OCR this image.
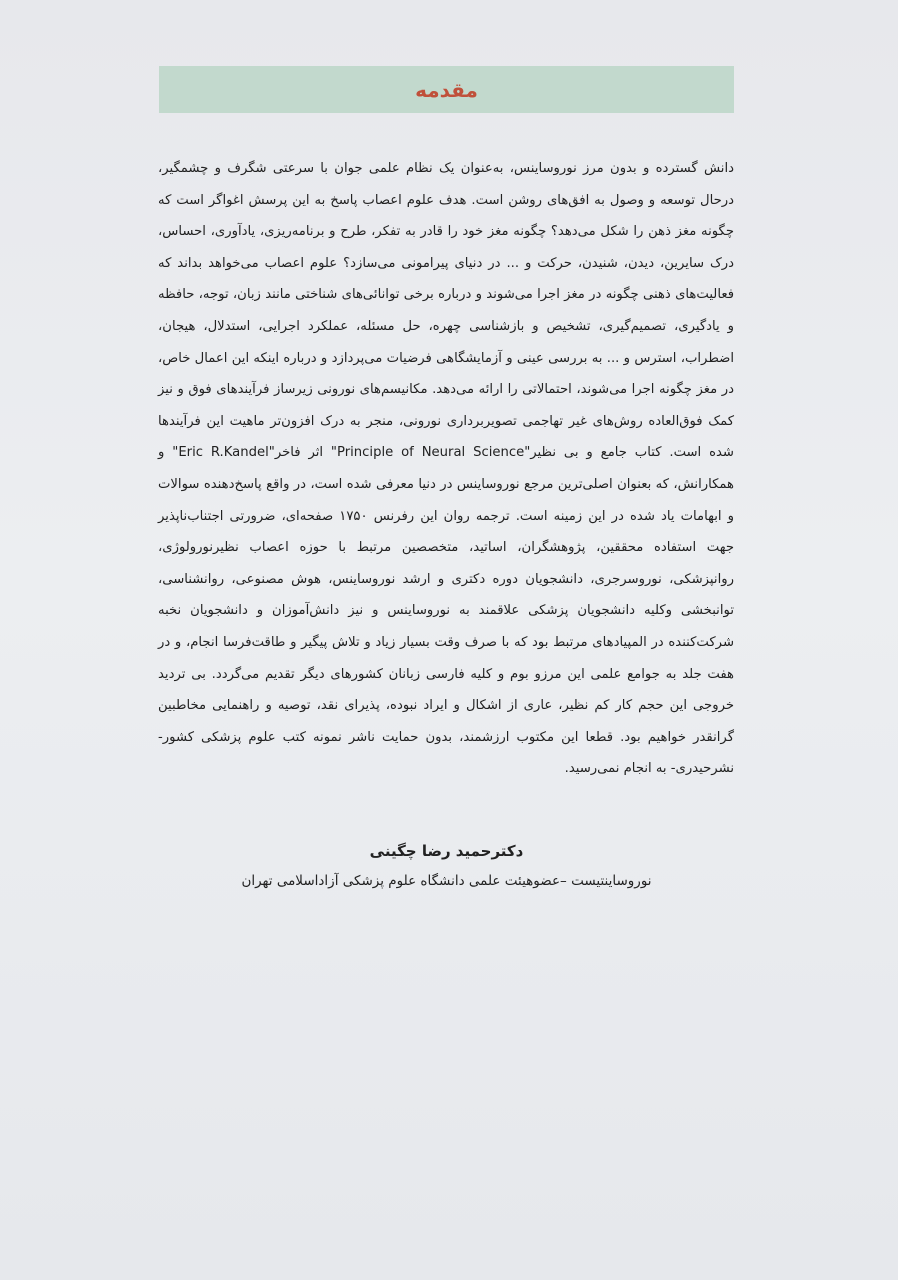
مقدمه
دانش گسترده و بدون مرز نوروساینس، به‌عنوان یک نظام علمی جوان با سرعتی شگرف و چشمگیر، درحال توسعه و وصول به افق‌های روشن است. هدف علوم اعصاب پاسخ به این پرسش اغواگر است که چگونه مغز ذهن را شکل می‌دهد؟ چگونه مغز خود را قادر به تفکر، طرح و برنامه‌ریزی، یادآوری، احساس، درک سایرین، دیدن، شنیدن، حرکت و ... در دنیای پیرامونی می‌سازد؟ علوم اعصاب می‌خواهد بداند که فعالیت‌های ذهنی چگونه در مغز اجرا می‌شوند و درباره برخی توانائی‌های شناختی مانند زبان، توجه، حافظه و یادگیری، تصمیم‌گیری، تشخیص و بازشناسی چهره، حل مسئله، عملکرد اجرایی، استدلال، هیجان، اضطراب، استرس و ... به بررسی عینی و آزمایشگاهی فرضیات می‌پردازد و درباره اینکه این اعمال خاص، در مغز چگونه اجرا می‌شوند، احتمالاتی را ارائه می‌دهد. مکانیسم‌های نورونی زیرساز فرآیندهای فوق و نیز کمک فوق‌العاده روش‌های غیر تهاجمی تصویربرداری نورونی، منجر به درک افزون‌تر ماهیت این فرآیندها شده است. کتاب جامع و بی نظیر"Principle of Neural Science" اثر فاخر"Eric R.Kandel" و همکارانش، که بعنوان اصلی‌ترین مرجع نوروساینس در دنیا معرفی شده است، در واقع پاسخ‌دهنده سوالات و ابهامات یاد شده در این زمینه است. ترجمه روان این رفرنس ۱۷۵۰ صفحه‌ای، ضرورتی اجتناب‌ناپذیر جهت استفاده محققین، پژوهشگران، اساتید، متخصصین مرتبط با حوزه اعصاب نظیرنورولوژی، روانپزشکی، نوروسرجری، دانشجویان دوره دکتری و ارشد نوروساینس، هوش مصنوعی، روانشناسی، توانبخشی وکلیه دانشجویان پزشکی علاقمند به نوروساینس و نیز دانش‌آموزان و دانشجویان نخبه شرکت‌کننده در المپیادهای مرتبط بود که با صرف وقت بسیار زیاد و تلاش پیگیر و طاقت‌فرسا انجام، و در هفت جلد به جوامع علمی این مرزو بوم و کلیه فارسی زبانان کشورهای دیگر تقدیم می‌گردد. بی تردید خروجی این حجم کار کم نظیر، عاری از اشکال و ایراد نبوده، پذیرای نقد، توصیه و راهنمایی مخاطبین گرانقدر خواهیم بود. قطعا این مکتوب ارزشمند، بدون حمایت ناشر نمونه کتب علوم پزشکی کشور- نشرحیدری- به انجام نمی‌رسید.
دکترحمید رضا چگینی
نوروساینتیست –عضوهیئت علمی دانشگاه علوم پزشکی آزاداسلامی تهران
